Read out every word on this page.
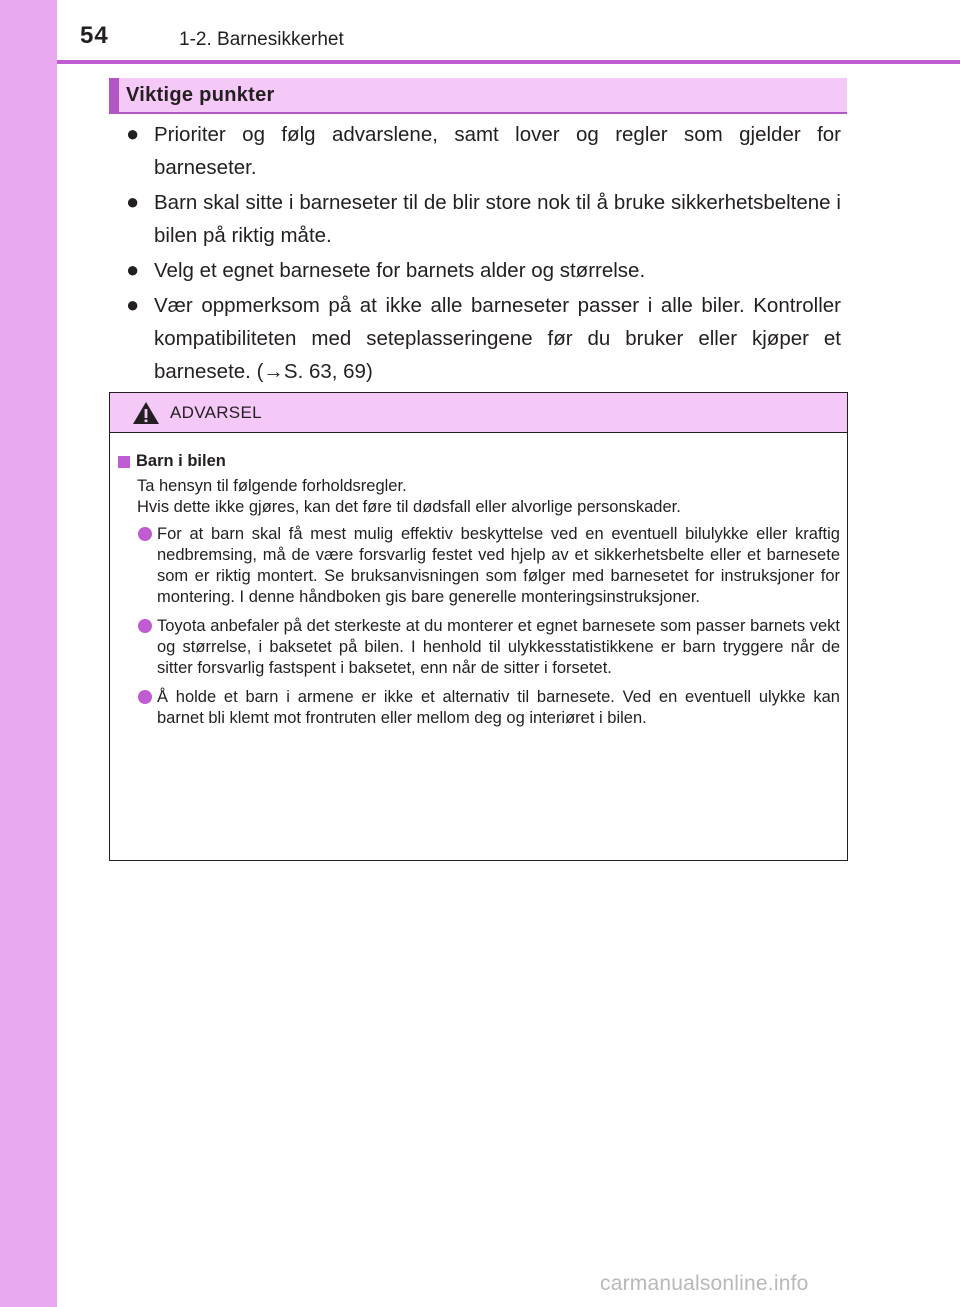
54	1-2. Barnesikkerhet
Viktige punkter
● Prioriter og følg advarslene, samt lover og regler som gjelder for barneseter.
● Barn skal sitte i barneseter til de blir store nok til å bruke sikkerhetsbeltene i bilen på riktig måte.
● Velg et egnet barnesete for barnets alder og størrelse.
● Vær oppmerksom på at ikke alle barneseter passer i alle biler. Kontroller kompatibiliteten med seteplasseringene før du bruker eller kjøper et barnesete. (→S. 63, 69)
ADVARSEL
Barn i bilen
Ta hensyn til følgende forholdsregler.
Hvis dette ikke gjøres, kan det føre til dødsfall eller alvorlige personskader.
For at barn skal få mest mulig effektiv beskyttelse ved en eventuell bilulykke eller kraftig nedbremsing, må de være forsvarlig festet ved hjelp av et sikkerhetsbelte eller et barnesete som er riktig montert. Se bruksanvisningen som følger med barnesetet for instruksjoner for montering. I denne håndboken gis bare generelle monteringsinstruksjoner.
Toyota anbefaler på det sterkeste at du monterer et egnet barnesete som passer barnets vekt og størrelse, i baksetet på bilen. I henhold til ulykkesstatistikkene er barn tryggere når de sitter forsvarlig fastspent i baksetet, enn når de sitter i forsetet.
Å holde et barn i armene er ikke et alternativ til barnesete. Ved en eventuell ulykke kan barnet bli klemt mot frontruten eller mellom deg og interiøret i bilen.
carmanualsonline.info
